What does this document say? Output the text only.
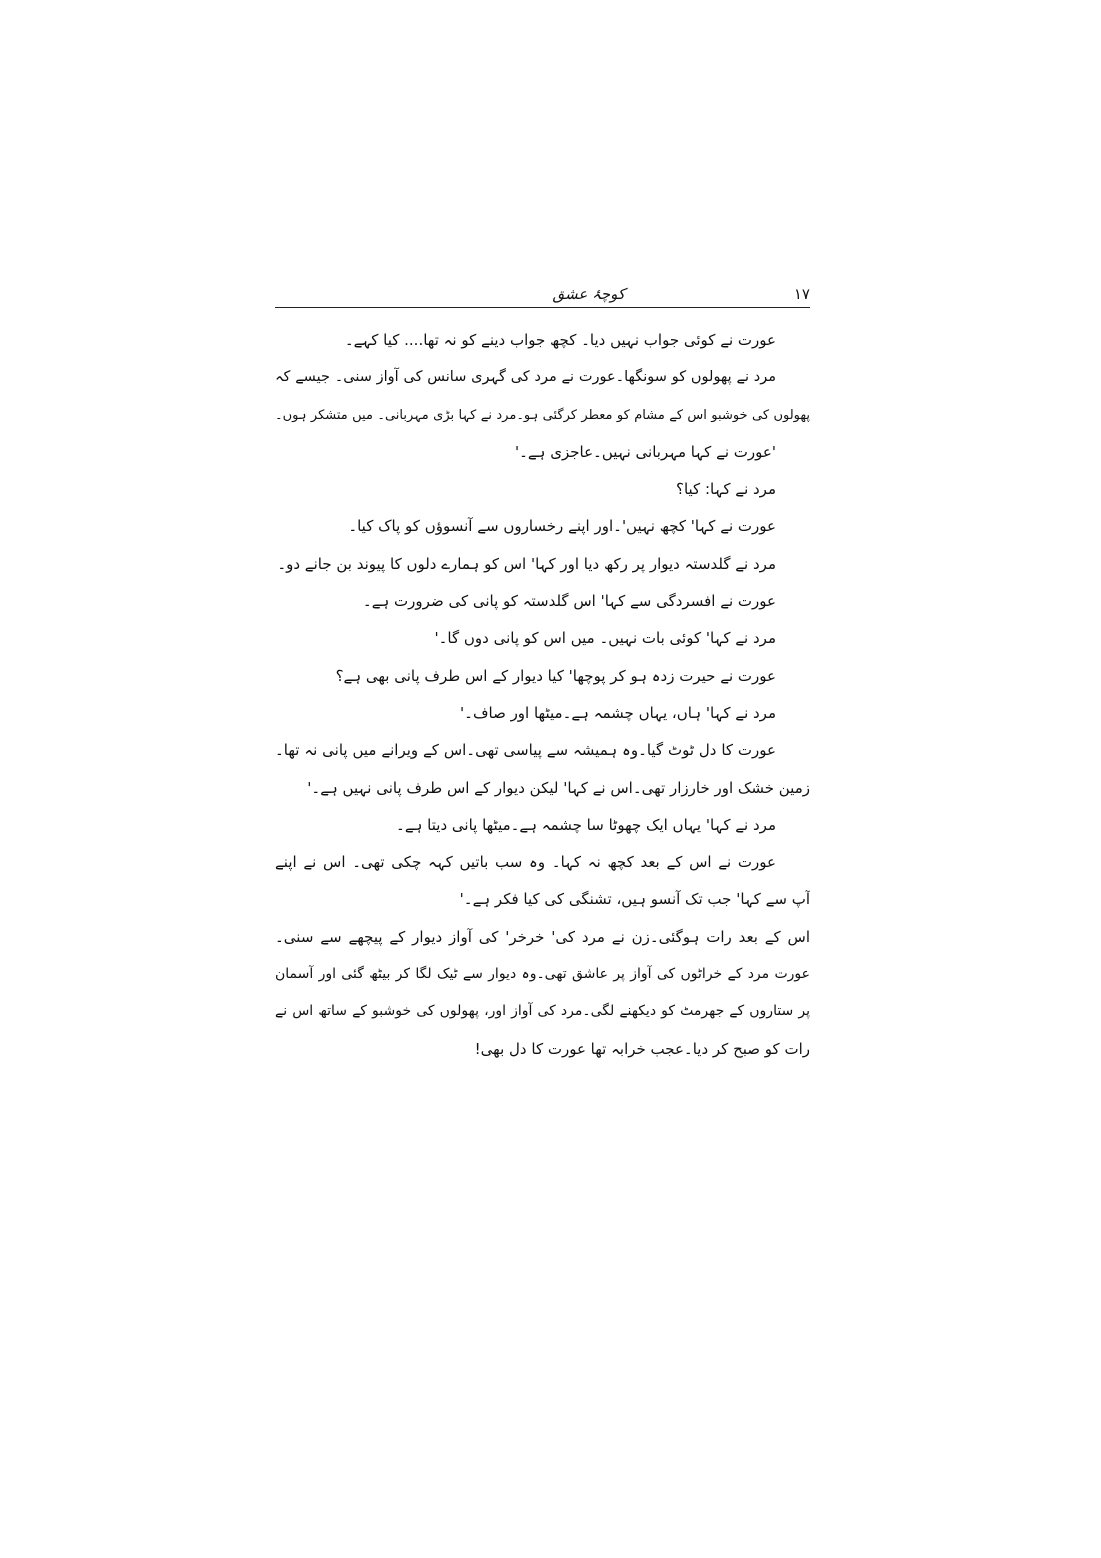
کوچۂ عشق	۱۷
عورت نے کوئی جواب نہیں دیا۔ کچھ جواب دینے کو نہ تھا.... کیا کہے۔
مرد نے پھولوں کو سونگھا۔عورت نے مرد کی گہری سانس کی آواز سنی۔ جیسے کہ
پھولوں کی خوشبو اس کے مشام کو معطر کرگئی ہو۔مرد نے کہا بڑی مہربانی۔ میں متشکر ہوں۔
'عورت نے کہا مہربانی نہیں۔عاجزی ہے۔'
مرد نے کہا: کیا؟
عورت نے کہا' کچھ نہیں'۔اور اپنے رخساروں سے آنسوؤں کو پاک کیا۔
مرد نے گلدستہ دیوار پر رکھ دیا اور کہا' اس کو ہمارے دلوں کا پیوند بن جانے دو۔
عورت نے افسردگی سے کہا' اس گلدستہ کو پانی کی ضرورت ہے۔
مرد نے کہا' کوئی بات نہیں۔ میں اس کو پانی دوں گا۔'
عورت نے حیرت زدہ ہو کر پوچھا' کیا دیوار کے اس طرف پانی بھی ہے؟
مرد نے کہا' ہاں، یہاں چشمہ ہے۔میٹھا اور صاف۔'
عورت کا دل ٹوٹ گیا۔وہ ہمیشہ سے پیاسی تھی۔اس کے ویرانے میں پانی نہ تھا۔
زمین خشک اور خارزار تھی۔اس نے کہا' لیکن دیوار کے اس طرف پانی نہیں ہے۔'
مرد نے کہا' یہاں ایک چھوٹا سا چشمہ ہے۔میٹھا پانی دیتا ہے۔
عورت نے اس کے بعد کچھ نہ کہا۔ وہ سب باتیں کہہ چکی تھی۔ اس نے اپنے
آپ سے کہا' جب تک آنسو ہیں، تشنگی کی کیا فکر ہے۔'
اس کے بعد رات ہوگئی۔زن نے مرد کی' خرخر' کی آواز دیوار کے پیچھے سے سنی۔
عورت مرد کے خراٹوں کی آواز پر عاشق تھی۔وہ دیوار سے ٹیک لگا کر بیٹھ گئی اور آسمان
پر ستاروں کے جھرمٹ کو دیکھنے لگی۔مرد کی آواز اور، پھولوں کی خوشبو کے ساتھ اس نے
رات کو صبح کر دیا۔عجب خرابہ تھا عورت کا دل بھی!
